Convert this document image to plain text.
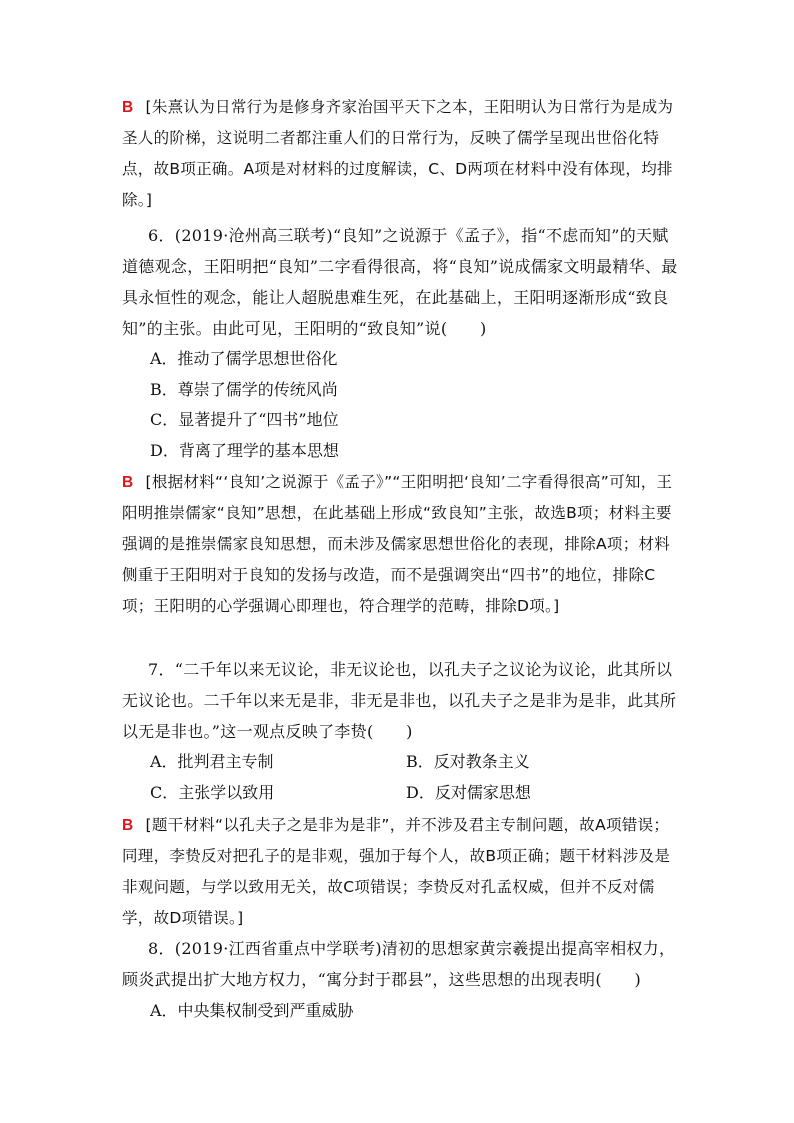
B [朱熹认为日常行为是修身齐家治国平天下之本，王阳明认为日常行为是成为圣人的阶梯，这说明二者都注重人们的日常行为，反映了儒学呈现出世俗化特点，故B项正确。A项是对材料的过度解读，C、D两项在材料中没有体现，均排除。]
6．(2019·沧州高三联考)“良知”之说源于《孟子》，指“不虑而知”的天赋道德观念，王阳明把“良知”二字看得很高，将“良知”说成儒家文明最精华、最具永恒性的观念，能让人超脱患难生死，在此基础上，王阳明逐渐形成“致良知”的主张。由此可见，王阳明的“致良知”说(　　)
A．推动了儒学思想世俗化
B．尊崇了儒学的传统风尚
C．显著提升了“四书”地位
D．背离了理学的基本思想
B [根据材料“‘良知’之说源于《孟子》”“王阳明把‘良知’二字看得很高”可知，王阳明推崇儒家“良知”思想，在此基础上形成“致良知”主张，故选B项；材料主要强调的是推崇儒家良知思想，而未涉及儒家思想世俗化的表现，排除A项；材料侧重于王阳明对于良知的发扬与改造，而不是强调突出“四书”的地位，排除C项；王阳明的心学强调心即理也，符合理学的范畴，排除D项。]
7．“二千年以来无议论，非无议论也，以孔夫子之议论为议论，此其所以无议论也。二千年以来无是非，非无是非也，以孔夫子之是非为是非，此其所以无是非也。”这一观点反映了李贽(　　)
A．批判君主专制	B．反对教条主义
C．主张学以致用	D．反对儒家思想
B [题干材料“以孔夫子之是非为是非”，并不涉及君主专制问题，故A项错误；同理，李贽反对把孔子的是非观，强加于每个人，故B项正确；题干材料涉及是非观问题，与学以致用无关，故C项错误；李贽反对孔孟权威，但并不反对儒学，故D项错误。]
8．(2019·江西省重点中学联考)清初的思想家黄宗羲提出提高宰相权力，顾炎武提出扩大地方权力，“寓分封于郡县”，这些思想的出现表明(　　)
A．中央集权制受到严重威胁
